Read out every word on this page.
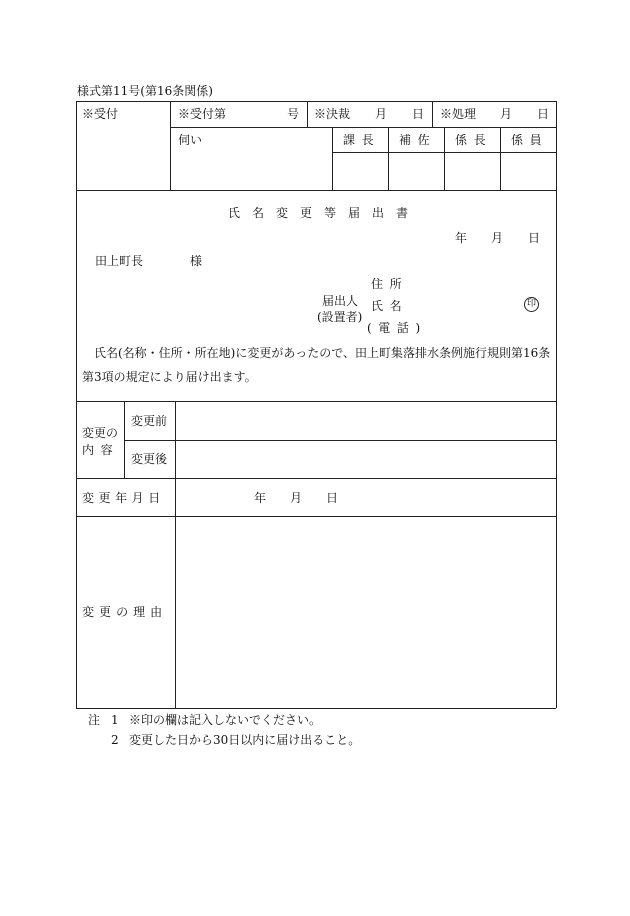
様式第11号(第16条関係)
※受付	※受付第	号 ※決裁 月 日 ※処理 月 日
伺い	課長 補佐 係長 係員
氏名変更等届出書
年 月 日
田上町長	様
住所
届出人
(設置者)
氏名	印
(電話)
氏名(名称・住所・所在地)に変更があったので、田上町集落排水条例施行規則第16条
第3項の規定により届け出ます。
変更の
内容
変更前
変更後
変更年月日	年 月 日
変更の理由
注 1 ※印の欄は記入しないでください。
2 変更した日から30日以内に届け出ること。
